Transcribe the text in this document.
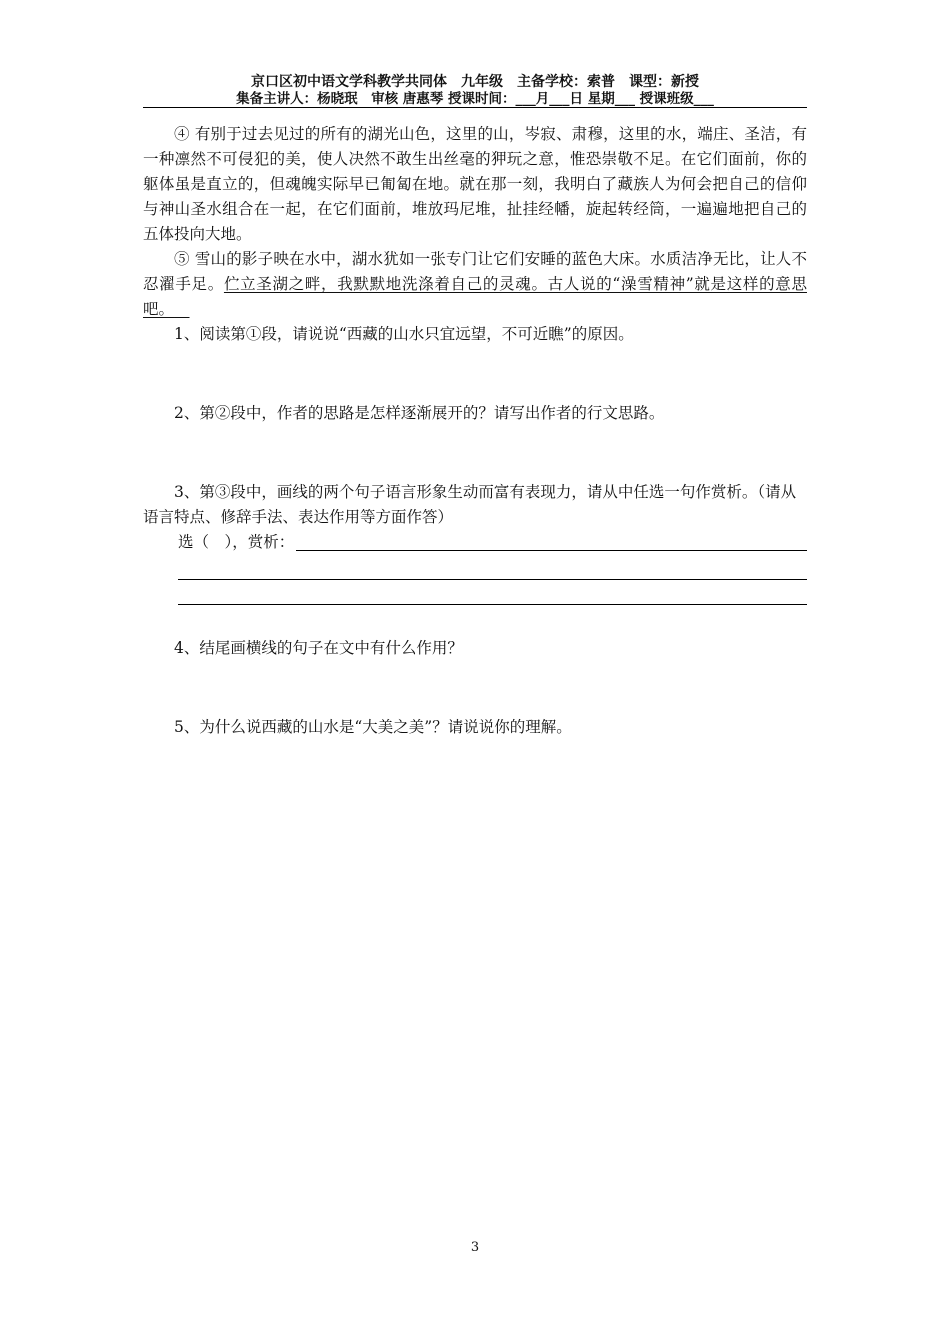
京口区初中语文学科教学共同体　九年级　主备学校：索普　课型：新授
集备主讲人：杨晓珉　审核 唐惠琴 授课时间：___月___日 星期___ 授课班级___

④ 有别于过去见过的所有的湖光山色，这里的山，岑寂、肃穆，这里的水，端庄、圣洁，有一种凛然不可侵犯的美，使人决然不敢生出丝毫的狎玩之意，惟恐崇敬不足。在它们面前，你的躯体虽是直立的，但魂魄实际早已匍匐在地。就在那一刻，我明白了藏族人为何会把自己的信仰与神山圣水组合在一起，在它们面前，堆放玛尼堆，扯挂经幡，旋起转经筒，一遍遍地把自己的五体投向大地。

⑤ 雪山的影子映在水中，湖水犹如一张专门让它们安睡的蓝色大床。水质洁净无比，让人不忍濯手足。伫立圣湖之畔，我默默地洗涤着自己的灵魂。古人说的“澡雪精神”就是这样的意思吧。  

1、阅读第①段，请说说“西藏的山水只宜远望，不可近瞧”的原因。

2、第②段中，作者的思路是怎样逐渐展开的？请写出作者的行文思路。

3、第③段中，画线的两个句子语言形象生动而富有表现力，请从中任选一句作赏析。（请从语言特点、修辞手法、表达作用等方面作答）

选（　），赏析：

4、结尾画横线的句子在文中有什么作用？

5、为什么说西藏的山水是“大美之美”？请说说你的理解。

3
